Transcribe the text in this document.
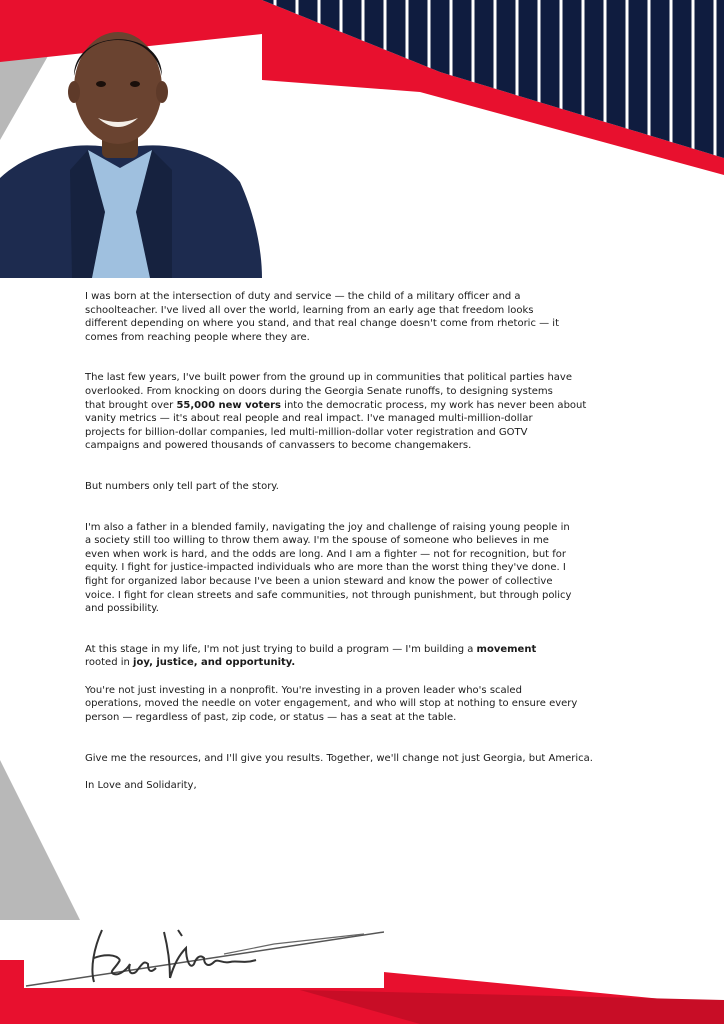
I was born at the intersection of duty and service — the child of a military officer and a
schoolteacher. I've lived all over the world, learning from an early age that freedom looks
different depending on where you stand, and that real change doesn't come from rhetoric — it
comes from reaching people where they are.

The last few years, I've built power from the ground up in communities that political parties have
overlooked. From knocking on doors during the Georgia Senate runoffs, to designing systems
that brought over 55,000 new voters into the democratic process, my work has never been about
vanity metrics — it's about real people and real impact. I've managed multi-million-dollar
projects for billion-dollar companies, led multi-million-dollar voter registration and GOTV
campaigns and powered thousands of canvassers to become changemakers.

But numbers only tell part of the story.

I'm also a father in a blended family, navigating the joy and challenge of raising young people in
a society still too willing to throw them away. I'm the spouse of someone who believes in me
even when work is hard, and the odds are long. And I am a fighter — not for recognition, but for
equity. I fight for justice-impacted individuals who are more than the worst thing they've done. I
fight for organized labor because I've been a union steward and know the power of collective
voice. I fight for clean streets and safe communities, not through punishment, but through policy
and possibility.

At this stage in my life, I'm not just trying to build a program — I'm building a movement
rooted in joy, justice, and opportunity.

You're not just investing in a nonprofit. You're investing in a proven leader who's scaled
operations, moved the needle on voter engagement, and who will stop at nothing to ensure every
person — regardless of past, zip code, or status — has a seat at the table.

Give me the resources, and I'll give you results. Together, we'll change not just Georgia, but America.

In Love and Solidarity,
